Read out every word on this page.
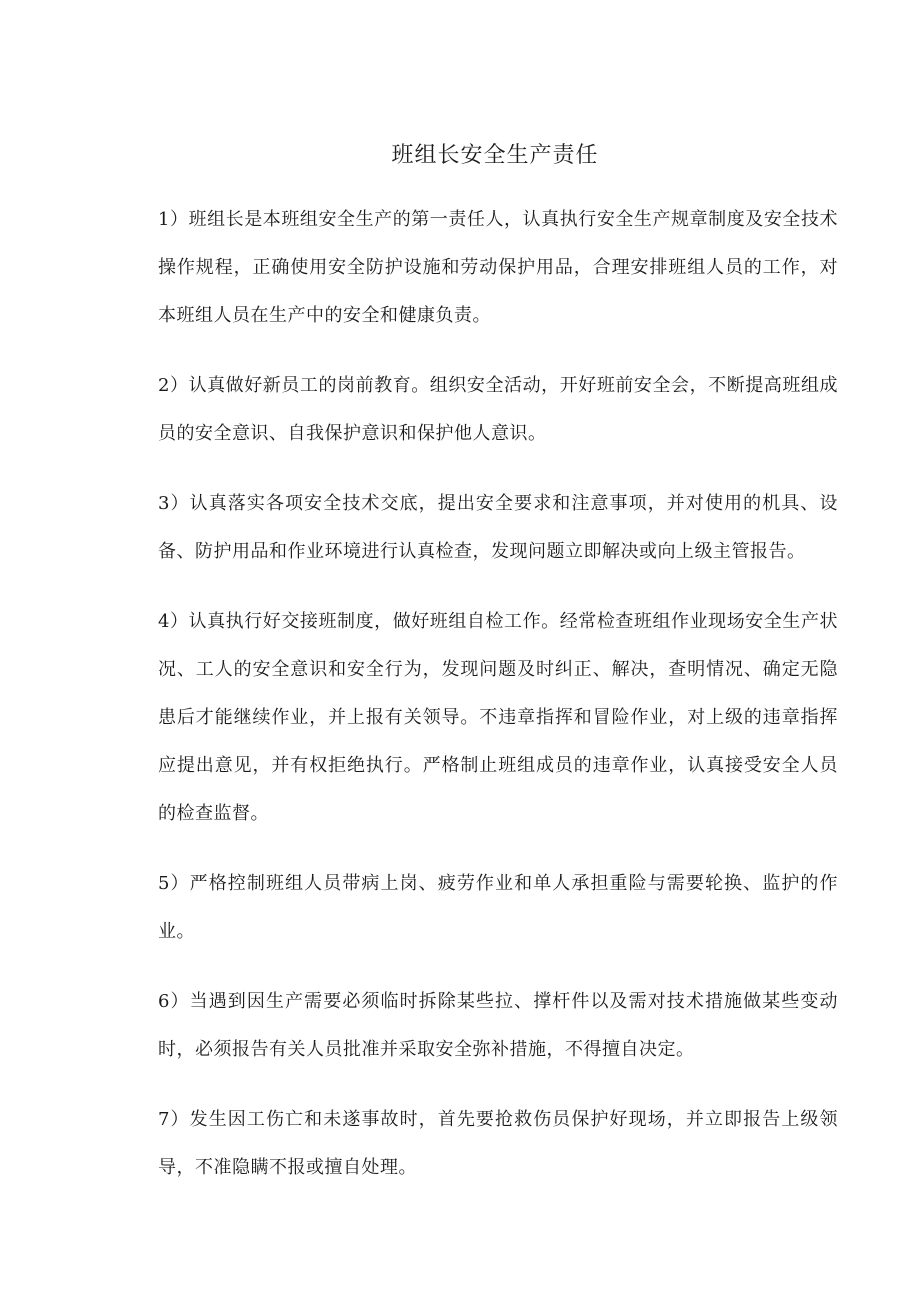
班组长安全生产责任

1）班组长是本班组安全生产的第一责任人，认真执行安全生产规章制度及安全技术操作规程，正确使用安全防护设施和劳动保护用品，合理安排班组人员的工作，对本班组人员在生产中的安全和健康负责。

2）认真做好新员工的岗前教育。组织安全活动，开好班前安全会，不断提高班组成员的安全意识、自我保护意识和保护他人意识。

3）认真落实各项安全技术交底，提出安全要求和注意事项，并对使用的机具、设备、防护用品和作业环境进行认真检查，发现问题立即解决或向上级主管报告。

4）认真执行好交接班制度，做好班组自检工作。经常检查班组作业现场安全生产状况、工人的安全意识和安全行为，发现问题及时纠正、解决，查明情况、确定无隐患后才能继续作业，并上报有关领导。不违章指挥和冒险作业，对上级的违章指挥应提出意见，并有权拒绝执行。严格制止班组成员的违章作业，认真接受安全人员的检查监督。

5）严格控制班组人员带病上岗、疲劳作业和单人承担重险与需要轮换、监护的作业。

6）当遇到因生产需要必须临时拆除某些拉、撑杆件以及需对技术措施做某些变动时，必须报告有关人员批准并采取安全弥补措施，不得擅自决定。

7）发生因工伤亡和未遂事故时，首先要抢救伤员保护好现场，并立即报告上级领导，不准隐瞒不报或擅自处理。
